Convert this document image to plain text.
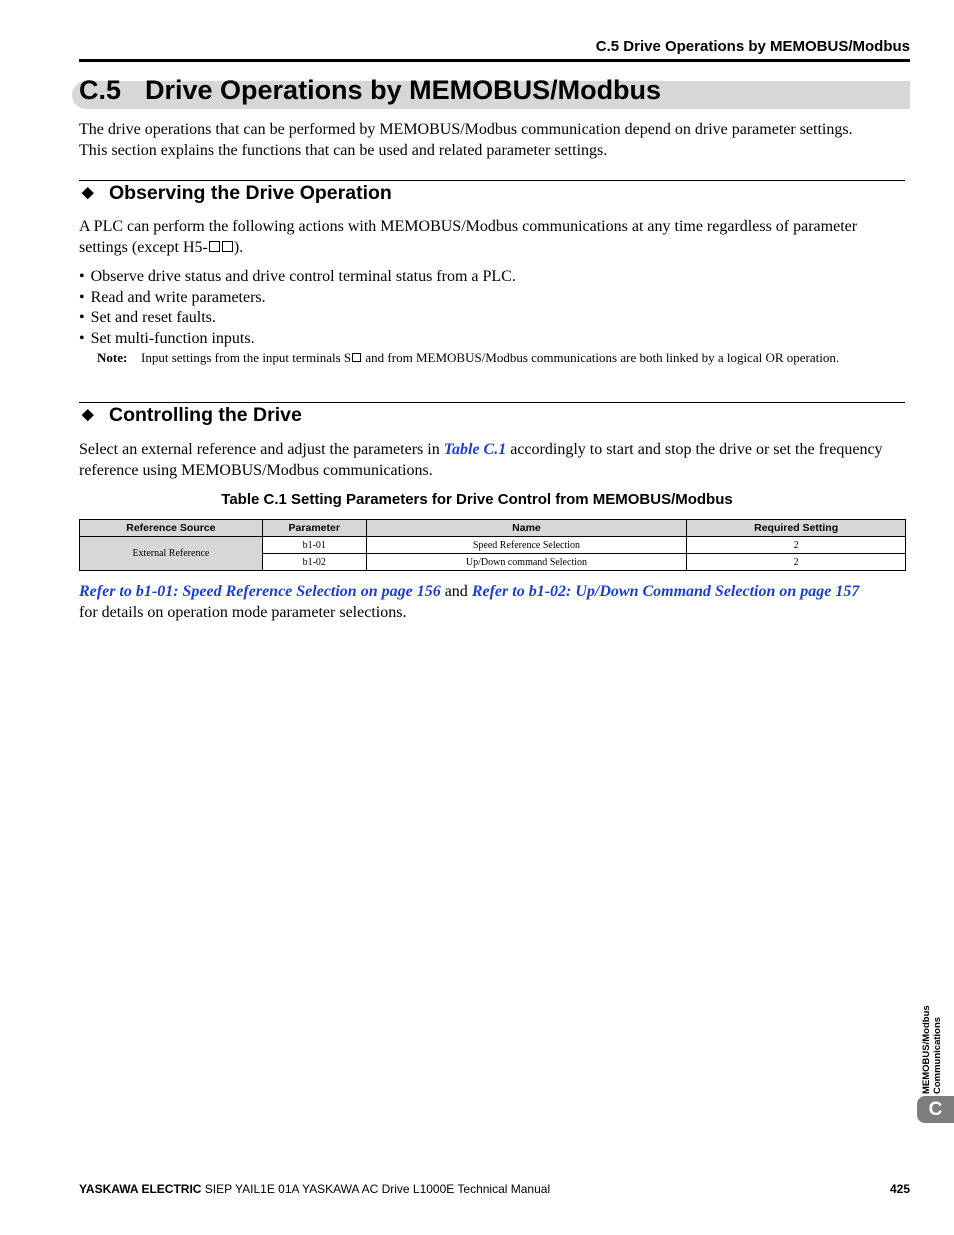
C.5 Drive Operations by MEMOBUS/Modbus
C.5 Drive Operations by MEMOBUS/Modbus

The drive operations that can be performed by MEMOBUS/Modbus communication depend on drive parameter settings.
This section explains the functions that can be used and related parameter settings.

◆ Observing the Drive Operation

A PLC can perform the following actions with MEMOBUS/Modbus communications at any time regardless of parameter settings (except H5- ).

• Observe drive status and drive control terminal status from a PLC.
• Read and write parameters.
• Set and reset faults.
• Set multi-function inputs.
Note: Input settings from the input terminals S and from MEMOBUS/Modbus communications are both linked by a logical OR operation.
◆ Controlling the Drive

Select an external reference and adjust the parameters in Table C.1 accordingly to start and stop the drive or set the frequency reference using MEMOBUS/Modbus communications.

Table C.1 Setting Parameters for Drive Control from MEMOBUS/Modbus
Reference Source	Parameter	Name	Required Setting
External Reference	b1-01	Speed Reference Selection	2
	b1-02	Up/Down command Selection	2

Refer to b1-01: Speed Reference Selection on page 156 and Refer to b1-02: Up/Down Command Selection on page 157
for details on operation mode parameter selections.

MEMOBUS/Modbus
Communications
C
YASKAWA ELECTRIC SIEP YAIL1E 01A YASKAWA AC Drive L1000E Technical Manual	425
